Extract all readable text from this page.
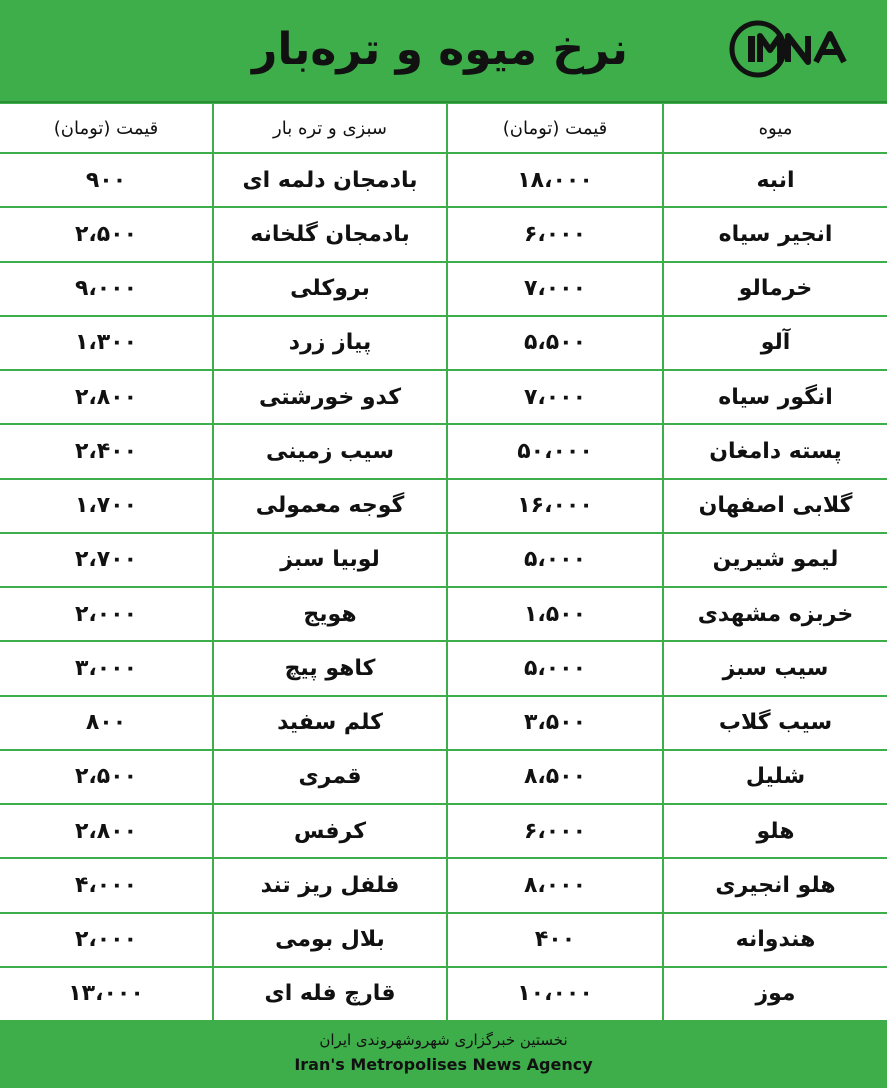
نرخ میوه و تره‌بار
قیمت (تومان)	سبزی و تره بار	قیمت (تومان)	میوه
۹۰۰	بادمجان دلمه ای	۱۸،۰۰۰	انبه
۲،۵۰۰	بادمجان گلخانه	۶،۰۰۰	انجیر سیاه
۹،۰۰۰	بروکلی	۷،۰۰۰	خرمالو
۱،۳۰۰	پیاز زرد	۵،۵۰۰	آلو
۲،۸۰۰	کدو خورشتی	۷،۰۰۰	انگور سیاه
۲،۴۰۰	سیب زمینی	۵۰،۰۰۰	پسته دامغان
۱،۷۰۰	گوجه معمولی	۱۶،۰۰۰	گلابی اصفهان
۲،۷۰۰	لوبیا سبز	۵،۰۰۰	لیمو شیرین
۲،۰۰۰	هویج	۱،۵۰۰	خربزه مشهدی
۳،۰۰۰	کاهو پیچ	۵،۰۰۰	سیب سبز
۸۰۰	کلم سفید	۳،۵۰۰	سیب گلاب
۲،۵۰۰	قمری	۸،۵۰۰	شلیل
۲،۸۰۰	کرفس	۶،۰۰۰	هلو
۴،۰۰۰	فلفل ریز تند	۸،۰۰۰	هلو انجیری
۲،۰۰۰	بلال بومی	۴۰۰	هندوانه
۱۳،۰۰۰	قارچ فله ای	۱۰،۰۰۰	موز
نخستین خبرگزاری شهروشهروندی ایران
Iran's Metropolises News Agency
